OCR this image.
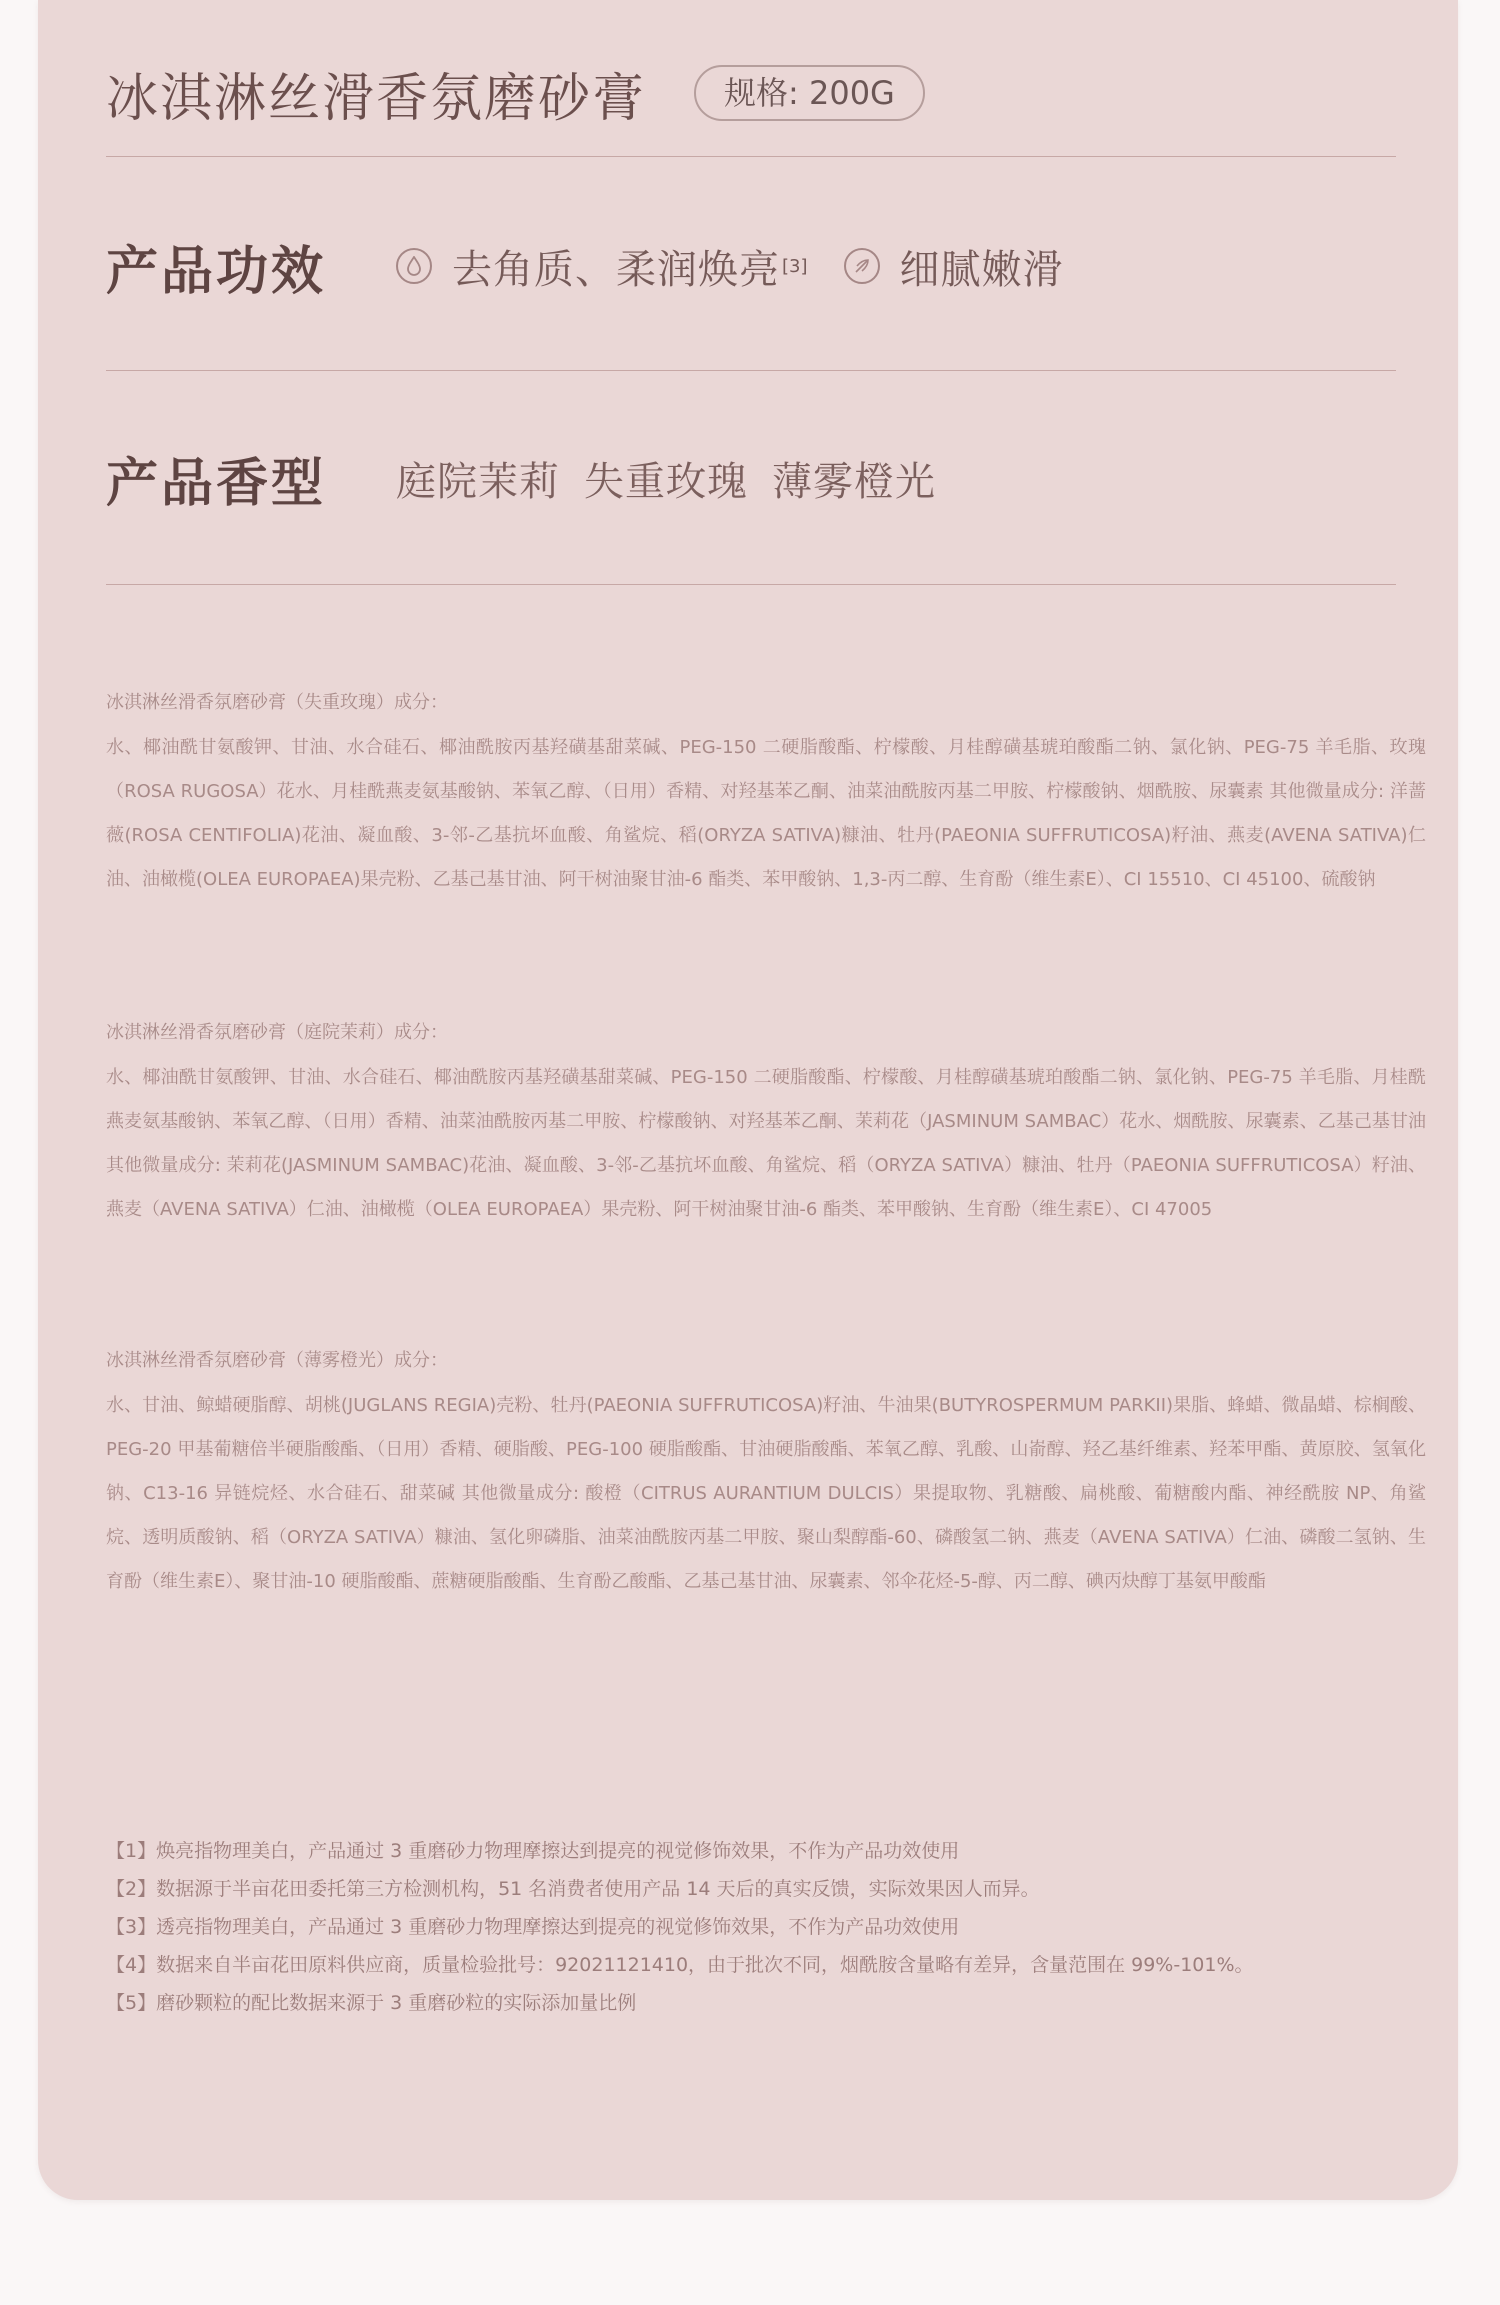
冰淇淋丝滑香氛磨砂膏	规格: 200G
产品功效	去角质、柔润焕亮 [3] 细腻嫩滑
产品香型	庭院茉莉 失重玫瑰 薄雾橙光
冰淇淋丝滑香氛磨砂膏（失重玫瑰）成分：
水、椰油酰甘氨酸钾、甘油、水合硅石、椰油酰胺丙基羟磺基甜菜碱、PEG-150 二硬脂酸酯、柠檬酸、月桂醇磺基琥珀酸酯二钠、氯化钠、PEG-75 羊毛脂、玫瑰（ROSA RUGOSA）花水、月桂酰燕麦氨基酸钠、苯氧乙醇、（日用）香精、对羟基苯乙酮、油菜油酰胺丙基二甲胺、柠檬酸钠、烟酰胺、尿囊素 其他微量成分: 洋蔷薇(ROSA CENTIFOLIA)花油、凝血酸、3-邻-乙基抗坏血酸、角鲨烷、稻(ORYZA SATIVA)糠油、牡丹(PAEONIA SUFFRUTICOSA)籽油、燕麦(AVENA SATIVA)仁油、油橄榄(OLEA EUROPAEA)果壳粉、乙基己基甘油、阿干树油聚甘油-6 酯类、苯甲酸钠、1,3-丙二醇、生育酚（维生素E）、CI 15510、CI 45100、硫酸钠
冰淇淋丝滑香氛磨砂膏（庭院茉莉）成分：
水、椰油酰甘氨酸钾、甘油、水合硅石、椰油酰胺丙基羟磺基甜菜碱、PEG-150 二硬脂酸酯、柠檬酸、月桂醇磺基琥珀酸酯二钠、氯化钠、PEG-75 羊毛脂、月桂酰燕麦氨基酸钠、苯氧乙醇、（日用）香精、油菜油酰胺丙基二甲胺、柠檬酸钠、对羟基苯乙酮、茉莉花（JASMINUM SAMBAC）花水、烟酰胺、尿囊素、乙基己基甘油 其他微量成分: 茉莉花(JASMINUM SAMBAC)花油、凝血酸、3-邻-乙基抗坏血酸、角鲨烷、稻（ORYZA SATIVA）糠油、牡丹（PAEONIA SUFFRUTICOSA）籽油、燕麦（AVENA SATIVA）仁油、油橄榄（OLEA EUROPAEA）果壳粉、阿干树油聚甘油-6 酯类、苯甲酸钠、生育酚（维生素E）、CI 47005
冰淇淋丝滑香氛磨砂膏（薄雾橙光）成分：
水、甘油、鲸蜡硬脂醇、胡桃(JUGLANS REGIA)壳粉、牡丹(PAEONIA SUFFRUTICOSA)籽油、牛油果(BUTYROSPERMUM PARKII)果脂、蜂蜡、微晶蜡、棕榈酸、PEG-20 甲基葡糖倍半硬脂酸酯、（日用）香精、硬脂酸、PEG-100 硬脂酸酯、甘油硬脂酸酯、苯氧乙醇、乳酸、山嵛醇、羟乙基纤维素、羟苯甲酯、黄原胶、氢氧化钠、C13-16 异链烷烃、水合硅石、甜菜碱 其他微量成分: 酸橙（CITRUS AURANTIUM DULCIS）果提取物、乳糖酸、扁桃酸、葡糖酸内酯、神经酰胺 NP、角鲨烷、透明质酸钠、稻（ORYZA SATIVA）糠油、氢化卵磷脂、油菜油酰胺丙基二甲胺、聚山梨醇酯-60、磷酸氢二钠、燕麦（AVENA SATIVA）仁油、磷酸二氢钠、生育酚（维生素E）、聚甘油-10 硬脂酸酯、蔗糖硬脂酸酯、生育酚乙酸酯、乙基己基甘油、尿囊素、邻伞花烃-5-醇、丙二醇、碘丙炔醇丁基氨甲酸酯
【1】焕亮指物理美白，产品通过 3 重磨砂力物理摩擦达到提亮的视觉修饰效果，不作为产品功效使用
【2】数据源于半亩花田委托第三方检测机构，51 名消费者使用产品 14 天后的真实反馈，实际效果因人而异。
【3】透亮指物理美白，产品通过 3 重磨砂力物理摩擦达到提亮的视觉修饰效果，不作为产品功效使用
【4】数据来自半亩花田原料供应商，质量检验批号：92021121410，由于批次不同，烟酰胺含量略有差异，含量范围在 99%-101%。
【5】磨砂颗粒的配比数据来源于 3 重磨砂粒的实际添加量比例
